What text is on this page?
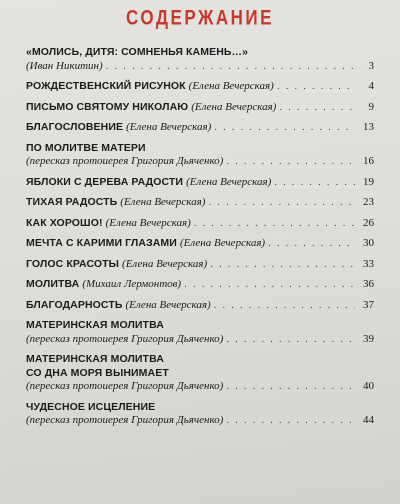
СОДЕРЖАНИЕ
«МОЛИСЬ, ДИТЯ: СОМНЕНЬЯ КАМЕНЬ…»
(Иван Никитин) . . .	3
РОЖДЕСТВЕНСКИЙ РИСУНОК (Елена Вечерская) . . .	4
ПИСЬМО СВЯТОМУ НИКОЛАЮ (Елена Вечерская) . . .	9
БЛАГОСЛОВЕНИЕ (Елена Вечерская) . . .	13
ПО МОЛИТВЕ МАТЕРИ
(пересказ протоиерея Григория Дьяченко) . . .	16
ЯБЛОКИ С ДЕРЕВА РАДОСТИ (Елена Вечерская) . . .	19
ТИХАЯ РАДОСТЬ (Елена Вечерская) . . .	23
КАК ХОРОШО! (Елена Вечерская) . . .	26
МЕЧТА С КАРИМИ ГЛАЗАМИ (Елена Вечерская) . . .	30
ГОЛОС КРАСОТЫ (Елена Вечерская) . . .	33
МОЛИТВА (Михаил Лермонтов) . . .	36
БЛАГОДАРНОСТЬ (Елена Вечерская) . . .	37
МАТЕРИНСКАЯ МОЛИТВА
(пересказ протоиерея Григория Дьяченко) . . .	39
МАТЕРИНСКАЯ МОЛИТВА
СО ДНА МОРЯ ВЫНИМАЕТ
(пересказ протоиерея Григория Дьяченко) . . .	40
ЧУДЕСНОЕ ИСЦЕЛЕНИЕ
(пересказ протоиерея Григория Дьяченко) . . .	44
